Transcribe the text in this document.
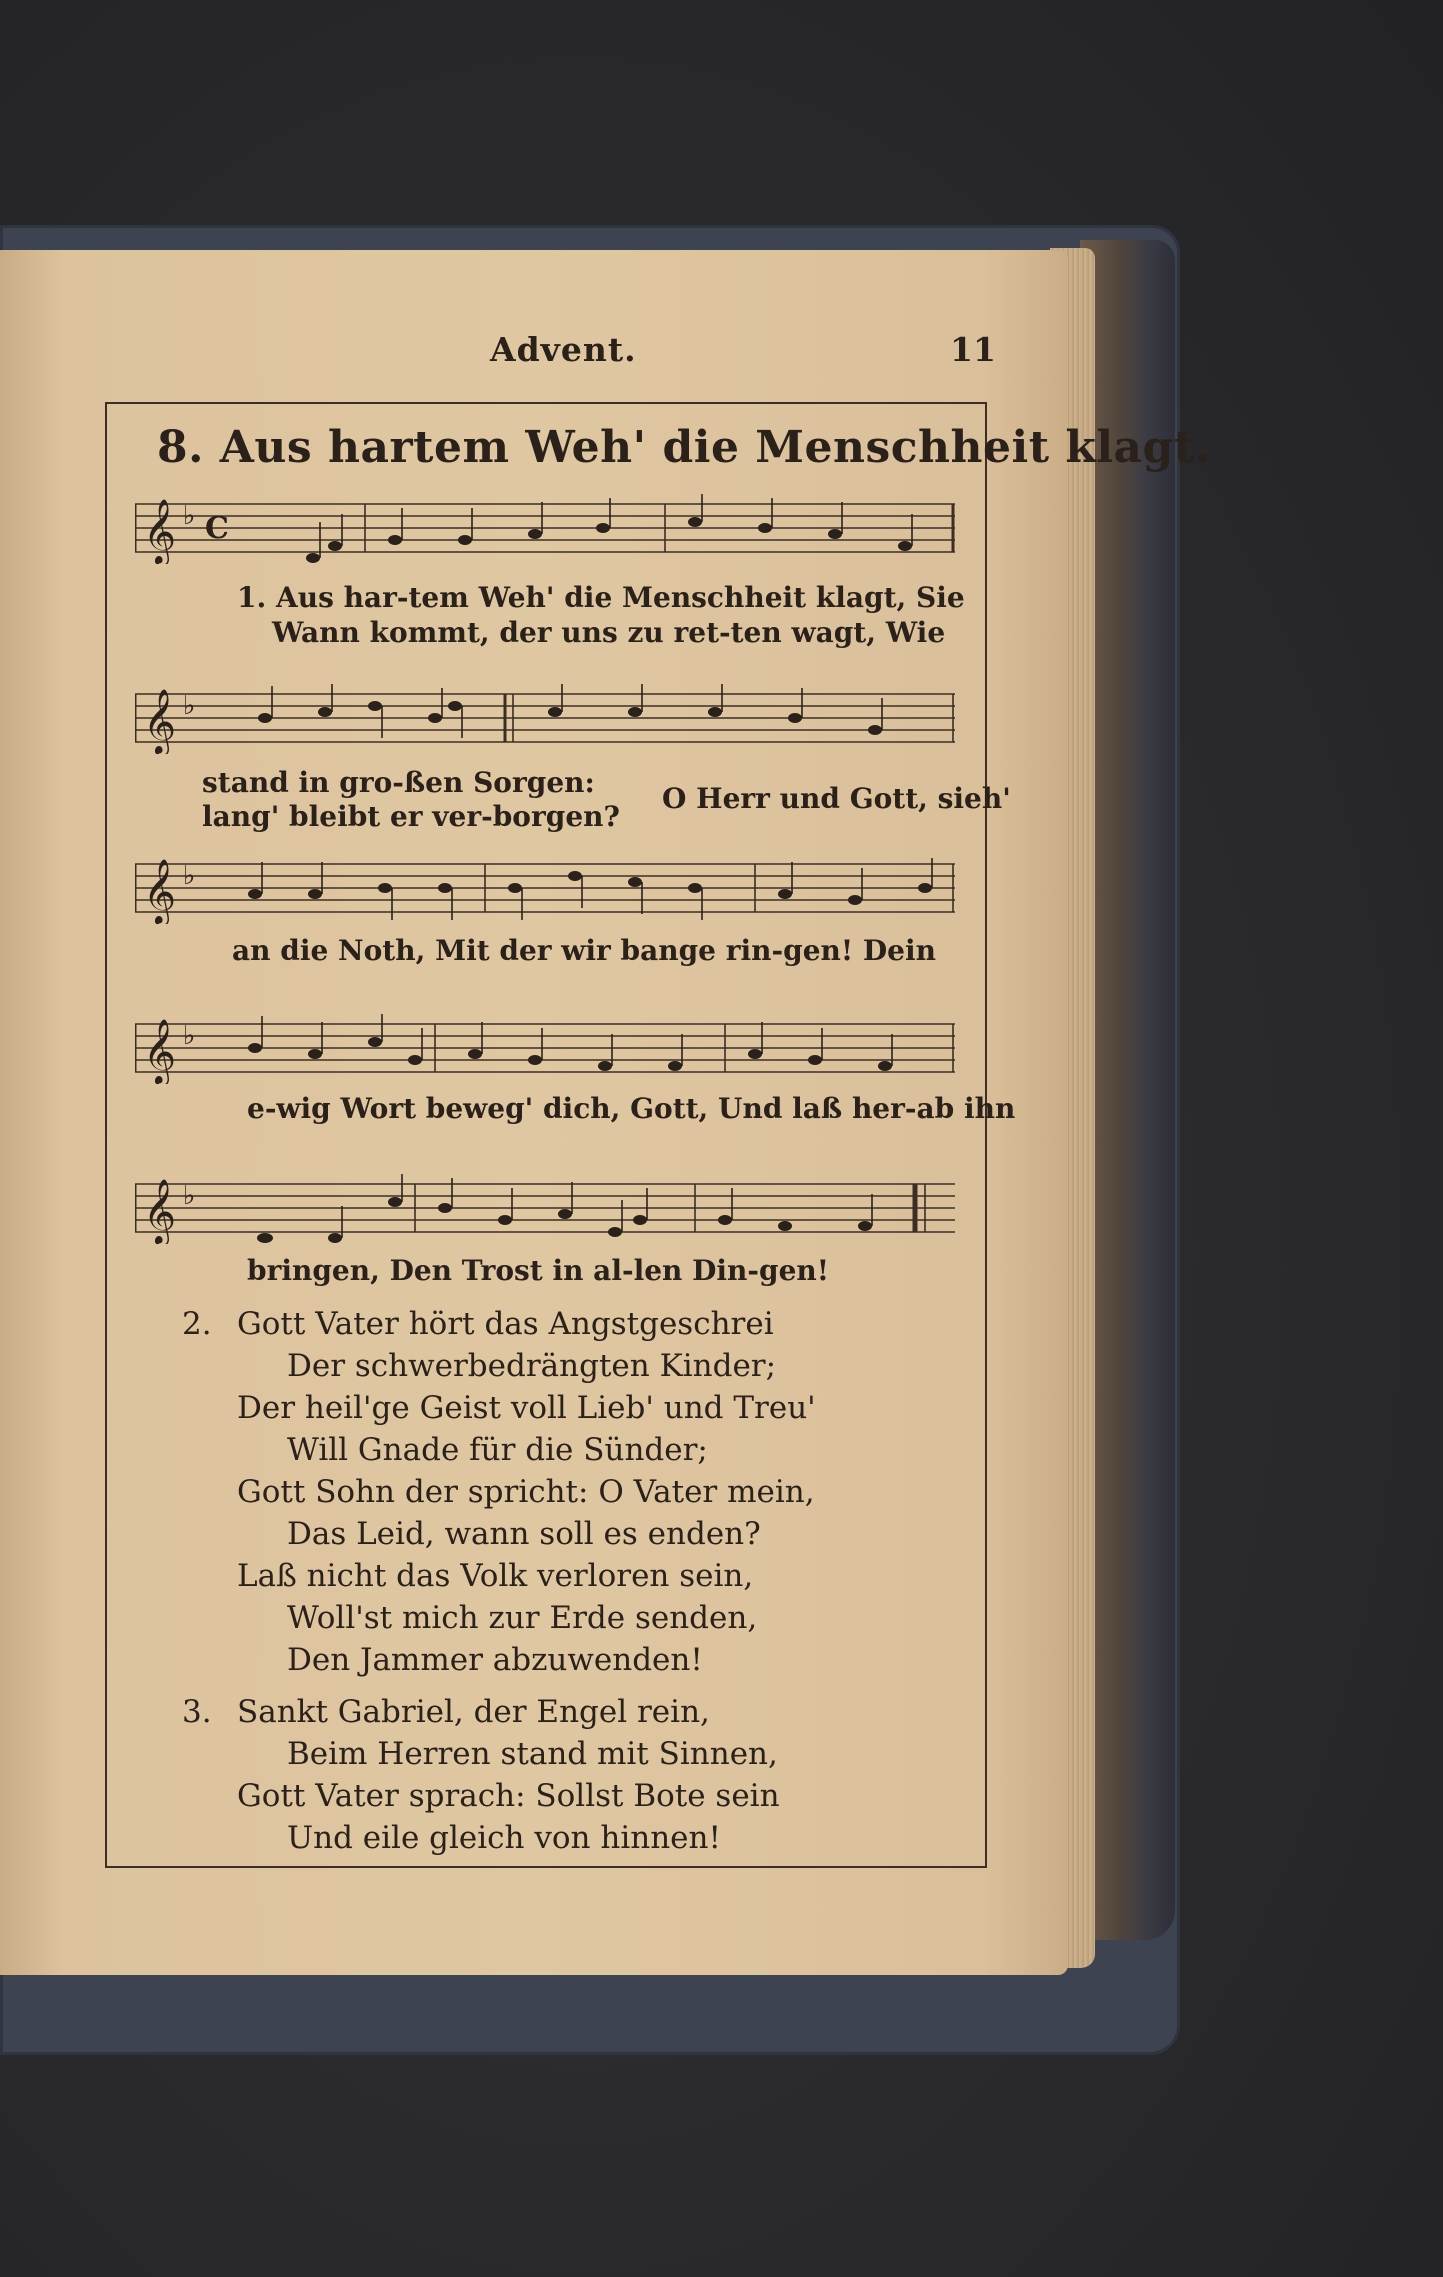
Advent.	11
8. Aus hartem Weh' die Menschheit klagt.
𝄞 ♭ C
1. Aus har-tem Weh' die Menschheit klagt, Sie
Wann kommt, der uns zu ret-ten wagt, Wie
𝄞 ♭
stand in gro-ßen Sorgen:
lang' bleibt er ver-borgen?
O Herr und Gott, sieh'
𝄞 ♭
an die Noth, Mit der wir bange rin-gen! Dein
𝄞 ♭
e-wig Wort beweg' dich, Gott, Und laß her-ab ihn
𝄞 ♭
bringen, Den Trost in al-len Din-gen!
2. Gott Vater hört das Angstgeschrei
Der schwerbedrängten Kinder;
Der heil'ge Geist voll Lieb' und Treu'
Will Gnade für die Sünder;
Gott Sohn der spricht: O Vater mein,
Das Leid, wann soll es enden?
Laß nicht das Volk verloren sein,
Woll'st mich zur Erde senden,
Den Jammer abzuwenden!
3. Sankt Gabriel, der Engel rein,
Beim Herren stand mit Sinnen,
Gott Vater sprach: Sollst Bote sein
Und eile gleich von hinnen!
